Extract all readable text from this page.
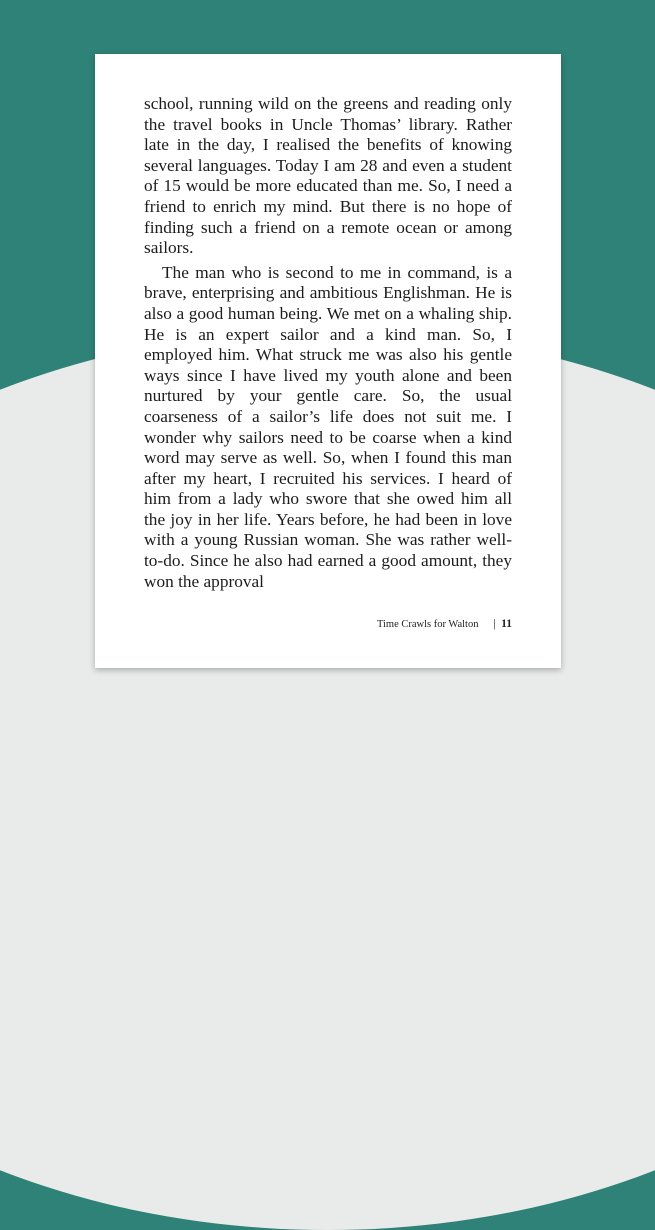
school, running wild on the greens and reading only the travel books in Uncle Thomas’ library. Rather late in the day, I realised the benefits of knowing several languages. Today I am 28 and even a student of 15 would be more educated than me. So, I need a friend to enrich my mind. But there is no hope of finding such a friend on a remote ocean or among sailors.

The man who is second to me in command, is a brave, enterprising and ambitious Englishman. He is also a good human being. We met on a whaling ship. He is an expert sailor and a kind man. So, I employed him. What struck me was also his gentle ways since I have lived my youth alone and been nurtured by your gentle care. So, the usual coarseness of a sailor’s life does not suit me. I wonder why sailors need to be coarse when a kind word may serve as well. So, when I found this man after my heart, I recruited his services. I heard of him from a lady who swore that she owed him all the joy in her life. Years before, he had been in love with a young Russian woman. She was rather well-to-do. Since he also had earned a good amount, they won the approval

Time Crawls for Walton | 11
